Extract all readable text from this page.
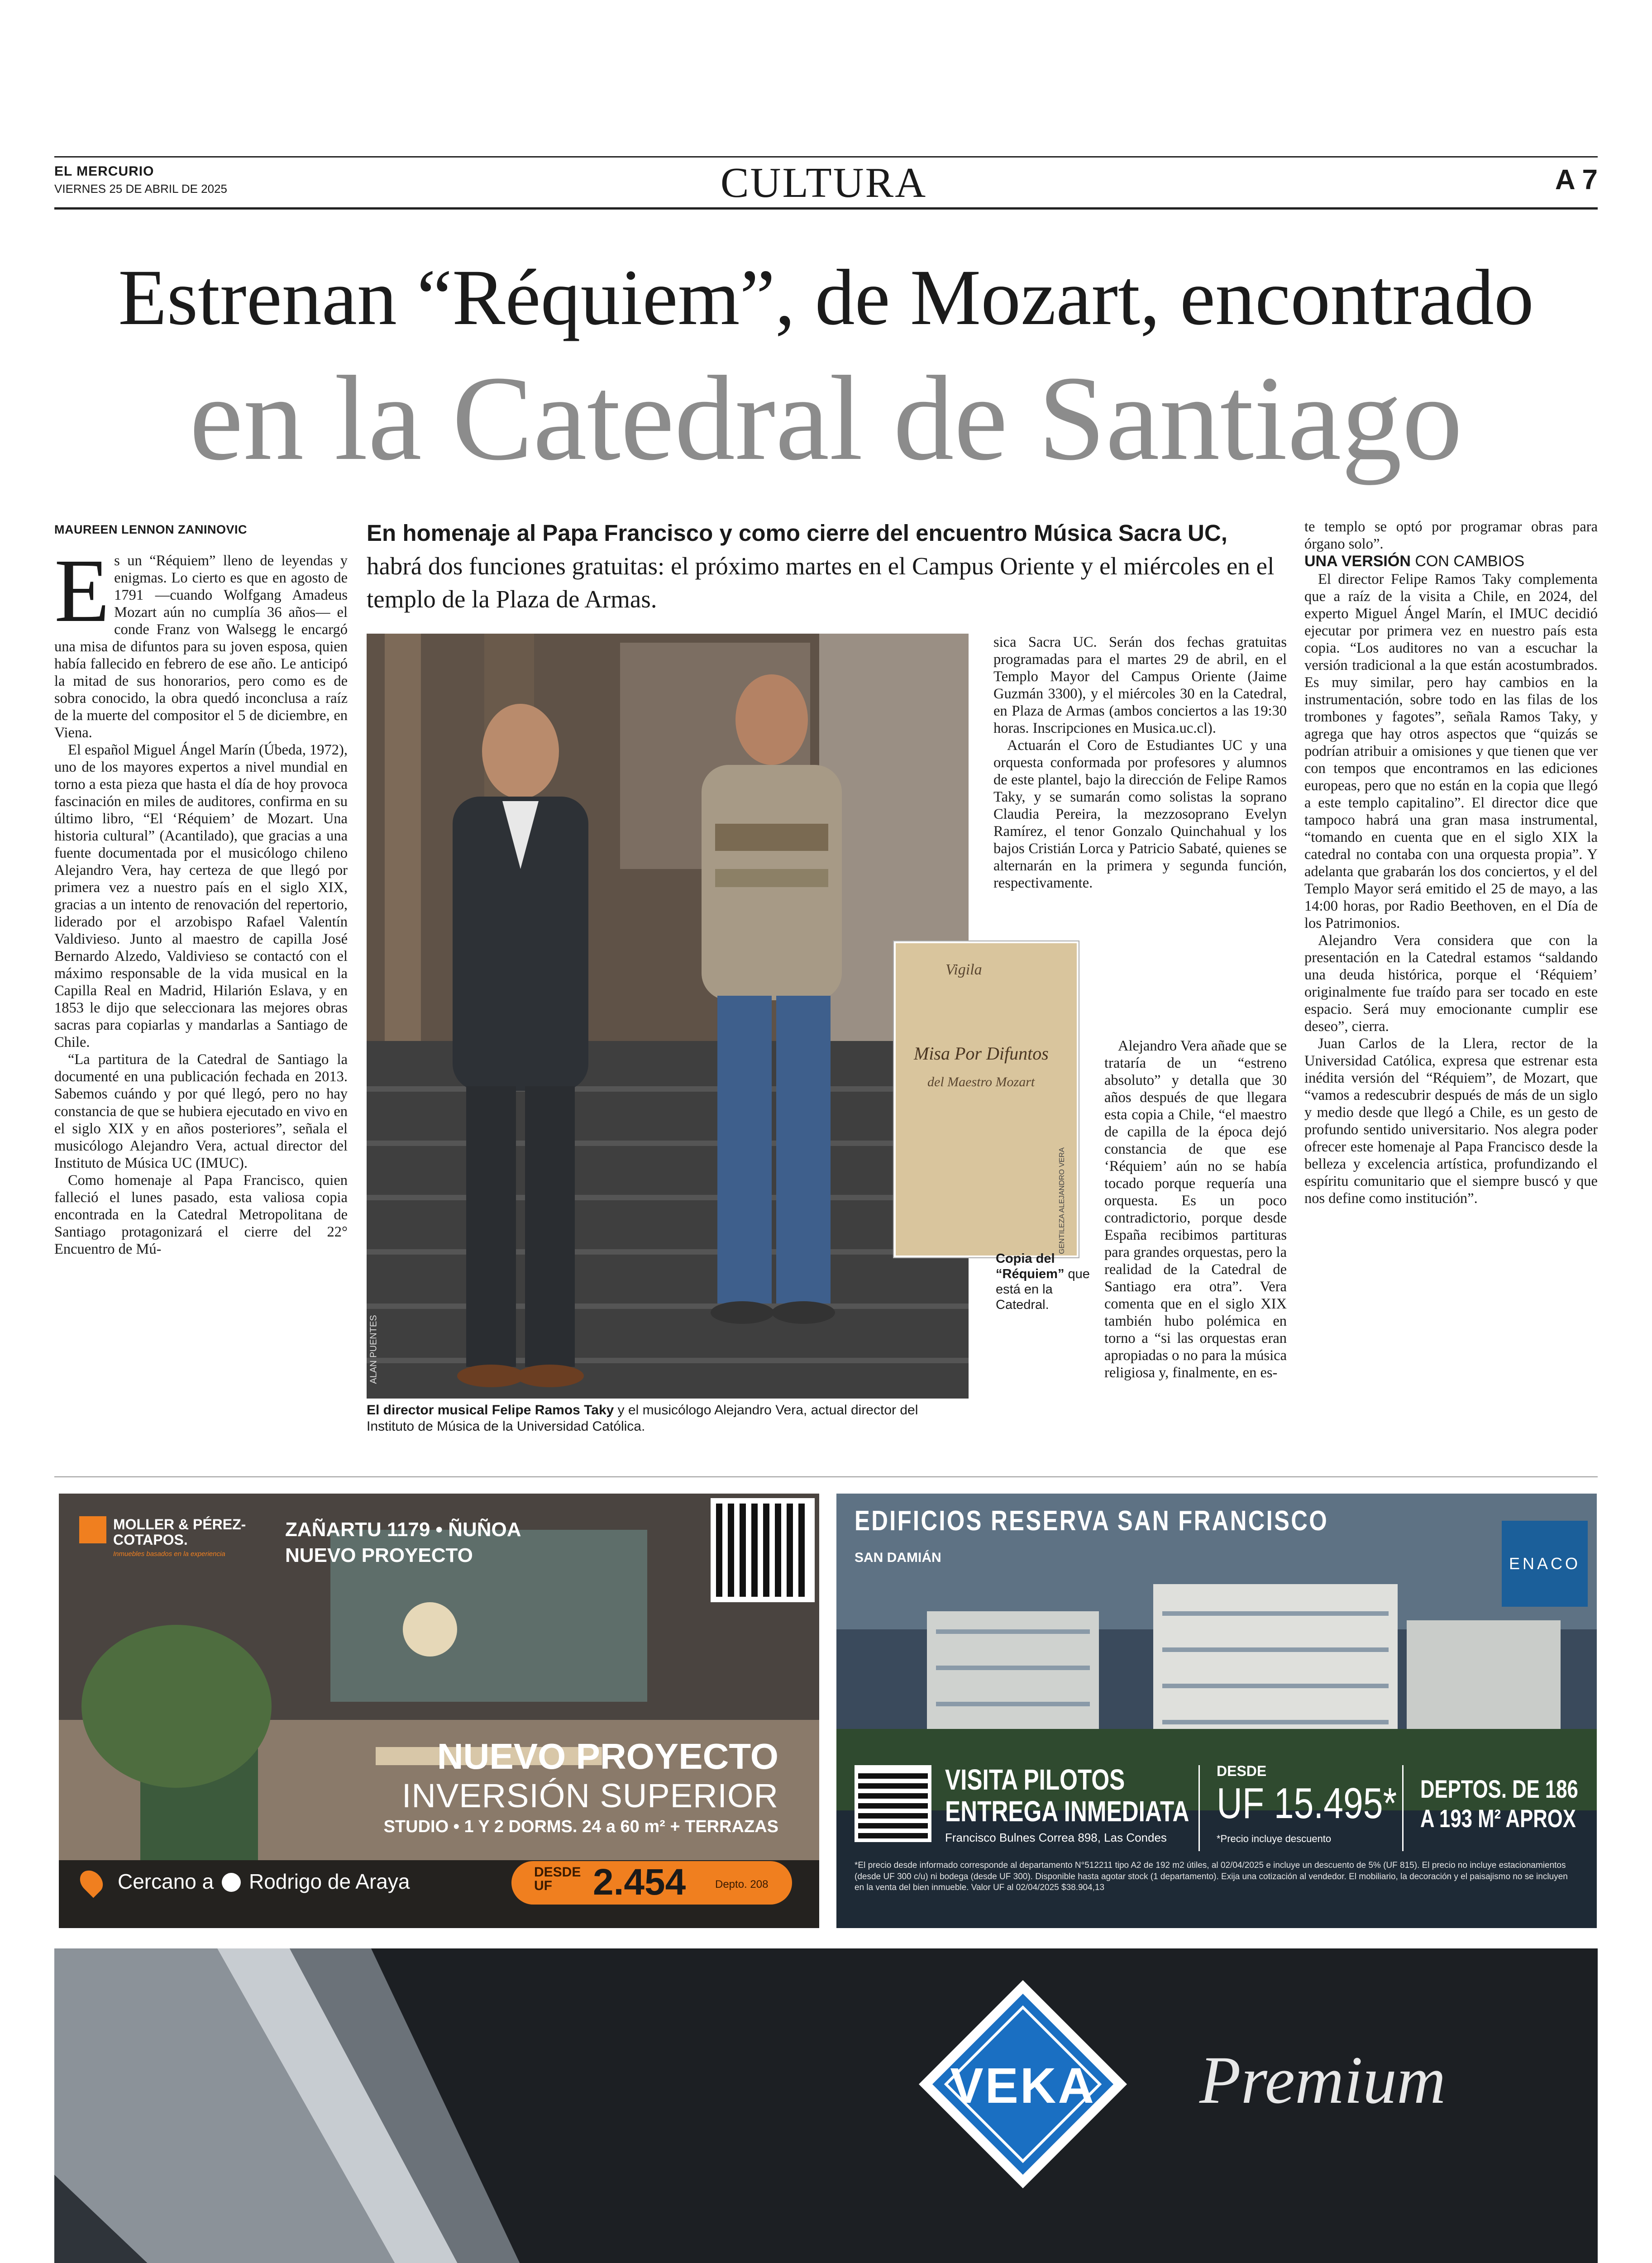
EL MERCURIO
VIERNES 25 DE ABRIL DE 2025	CULTURA	A 7
Estrenan “Réquiem”, de Mozart, encontrado
en la Catedral de Santiago
MAUREEN LENNON ZANINOVIC	En homenaje al Papa Francisco y como cierre del encuentro Música Sacra UC, habrá dos funciones gratuitas: el próximo martes en el Campus Oriente y el miércoles en el templo de la Plaza de Armas.

Es un “Réquiem” lleno de leyendas y enigmas. Lo cierto es que en agosto de 1791 —cuando Wolfgang Amadeus Mozart aún no cumplía 36 años— el conde Franz von Walsegg le encargó una misa de difuntos para su joven esposa, quien había fallecido en febrero de ese año. Le anticipó la mitad de sus honorarios, pero como es de sobra conocido, la obra quedó inconclusa a raíz de la muerte del compositor el 5 de diciembre, en Viena.

El español Miguel Ángel Marín (Úbeda, 1972), uno de los mayores expertos a nivel mundial en torno a esta pieza que hasta el día de hoy provoca fascinación en miles de auditores, confirma en su último libro, “El ‘Réquiem’ de Mozart. Una historia cultural” (Acantilado), que gracias a una fuente documentada por el musicólogo chileno Alejandro Vera, hay certeza de que llegó por primera vez a nuestro país en el siglo XIX, gracias a un intento de renovación del repertorio, liderado por el arzobispo Rafael Valentín Valdivieso. Junto al maestro de capilla José Bernardo Alzedo, Valdivieso se contactó con el máximo responsable de la vida musical en la Capilla Real en Madrid, Hilarión Eslava, y en 1853 le dijo que seleccionara las mejores obras sacras para copiarlas y mandarlas a Santiago de Chile.

“La partitura de la Catedral de Santiago la documenté en una publicación fechada en 2013. Sabemos cuándo y por qué llegó, pero no hay constancia de que se hubiera ejecutado en vivo en el siglo XIX y en años posteriores”, señala el musicólogo Alejandro Vera, actual director del Instituto de Música UC (IMUC).

Como homenaje al Papa Francisco, quien falleció el lunes pasado, esta valiosa copia encontrada en la Catedral Metropolitana de Santiago protagonizará el cierre del 22° Encuentro de Mú-

ALAN PUENTES
Vigila
Misa Por Difuntos
del Maestro Mozart
GENTILEZA ALEJANDRO VERA
Copia del “Réquiem” que está en la Catedral.
El director musical Felipe Ramos Taky y el musicólogo Alejandro Vera, actual director del Instituto de Música de la Universidad Católica.

sica Sacra UC. Serán dos fechas gratuitas programadas para el martes 29 de abril, en el Templo Mayor del Campus Oriente (Jaime Guzmán 3300), y el miércoles 30 en la Catedral, en Plaza de Armas (ambos conciertos a las 19:30 horas. Inscripciones en Musica.uc.cl).

Actuarán el Coro de Estudiantes UC y una orquesta conformada por profesores y alumnos de este plantel, bajo la dirección de Felipe Ramos Taky, y se sumarán como solistas la soprano Claudia Pereira, la mezzosoprano Evelyn Ramírez, el tenor Gonzalo Quinchahual y los bajos Cristián Lorca y Patricio Sabaté, quienes se alternarán en la primera y segunda función, respectivamente.

Alejandro Vera añade que se trataría de un “estreno absoluto” y detalla que 30 años después de que llegara esta copia a Chile, “el maestro de capilla de la época dejó constancia de que ese ‘Réquiem’ aún no se había tocado porque requería una orquesta. Es un poco contradictorio, porque desde España recibimos partituras para grandes orquestas, pero la realidad de la Catedral de Santiago era otra”. Vera comenta que en el siglo XIX también hubo polémica en torno a “si las orquestas eran apropiadas o no para la música religiosa y, finalmente, en es-

te templo se optó por programar obras para órgano solo”.

UNA VERSIÓN CON CAMBIOS

El director Felipe Ramos Taky complementa que a raíz de la visita a Chile, en 2024, del experto Miguel Ángel Marín, el IMUC decidió ejecutar por primera vez en nuestro país esta copia. “Los auditores no van a escuchar la versión tradicional a la que están acostumbrados. Es muy similar, pero hay cambios en la instrumentación, sobre todo en las filas de los trombones y fagotes”, señala Ramos Taky, y agrega que hay otros aspectos que “quizás se podrían atribuir a omisiones y que tienen que ver con tempos que encontramos en las ediciones europeas, pero que no están en la copia que llegó a este templo capitalino”. El director dice que tampoco habrá una gran masa instrumental, “tomando en cuenta que en el siglo XIX la catedral no contaba con una orquesta propia”. Y adelanta que grabarán los dos conciertos, y el del Templo Mayor será emitido el 25 de mayo, a las 14:00 horas, por Radio Beethoven, en el Día de los Patrimonios.

Alejandro Vera considera que con la presentación en la Catedral estamos “saldando una deuda histórica, porque el ‘Réquiem’ originalmente fue traído para ser tocado en este espacio. Será muy emocionante cumplir ese deseo”, cierra.

Juan Carlos de la Llera, rector de la Universidad Católica, expresa que estrenar esta inédita versión del “Réquiem”, de Mozart, que “vamos a redescubrir después de más de un siglo y medio desde que llegó a Chile, es un gesto de profundo sentido universitario. Nos alegra poder ofrecer este homenaje al Papa Francisco desde la belleza y excelencia artística, profundizando el espíritu comunitario que el siempre buscó y que nos define como institución”.

MOLLER & PÉREZ-COTAPOS.
Inmuebles basados en la experiencia
ZAÑARTU 1179 • ÑUÑOA
NUEVO PROYECTO
NUEVO PROYECTO
INVERSIÓN SUPERIOR
STUDIO • 1 Y 2 DORMS. 24 a 60 m² + TERRAZAS
Cercano a Rodrigo de Araya	DESDE UF	2.454	Depto. 208
EDIFICIOS RESERVA SAN FRANCISCO
SAN DAMIÁN	ENACO
VISITA PILOTOS
ENTREGA INMEDIATA
Francisco Bulnes Correa 898, Las Condes
DESDE
UF 15.495*
*Precio incluye descuento
DEPTOS. DE 186
A 193 M² APROX
*El precio desde informado corresponde al departamento N°512211 tipo A2 de 192 m2 útiles, al 02/04/2025 e incluye un descuento de 5% (UF 815). El precio no incluye estacionamientos (desde UF 300 c/u) ni bodega (desde UF 300). Disponible hasta agotar stock (1 departamento). Exija una cotización al vendedor. El mobiliario, la decoración y el paisajismo no se incluyen en la venta del bien inmueble. Valor UF al 02/04/2025 $38.904,13
VEKA	Premium
